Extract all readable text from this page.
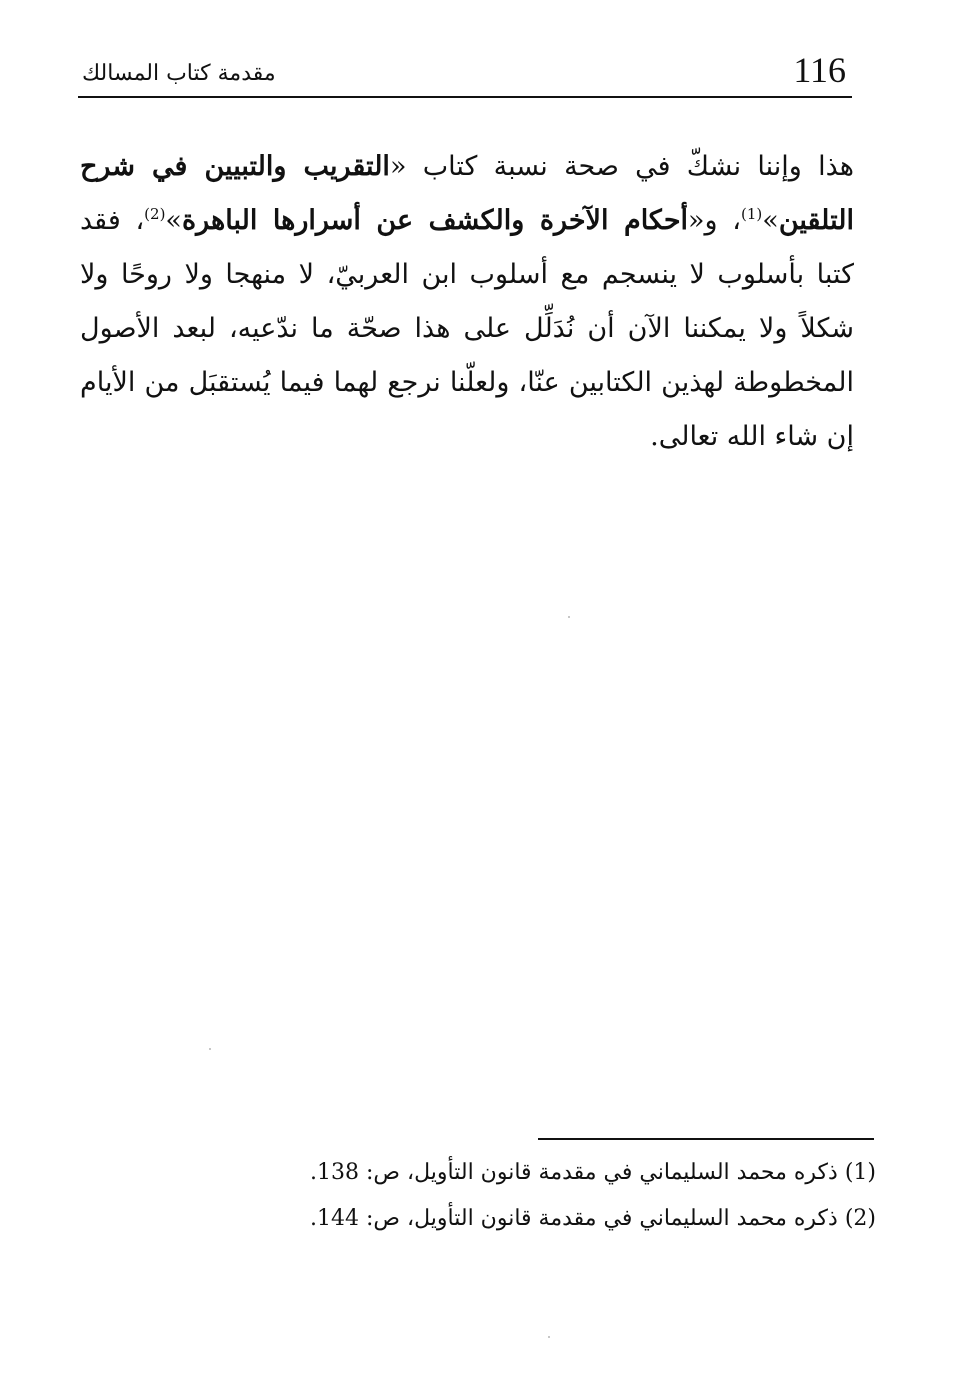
مقدمة كتاب المسالك	116

هذا وإننا نشكّ في صحة نسبة كتاب «التقريب والتبيين في شرح التلقين»$^{(1)}$، و«أحكام الآخرة والكشف عن أسرارها الباهرة»$^{(2)}$، فقد كتبا بأسلوب لا ينسجم مع أسلوب ابن العربيّ، لا منهجا ولا روحًا ولا شكلاً ولا يمكننا الآن أن نُدَلِّل على هذا صحّة ما ندّعيه، لبعد الأصول المخطوطة لهذين الكتابين عنّا، ولعلّنا نرجع لهما فيما يُستقبَل من الأيام إن شاء الله تعالى.

(1) ذكره محمد السليماني في مقدمة قانون التأويل، ص: 138.
(2) ذكره محمد السليماني في مقدمة قانون التأويل، ص: 144.
